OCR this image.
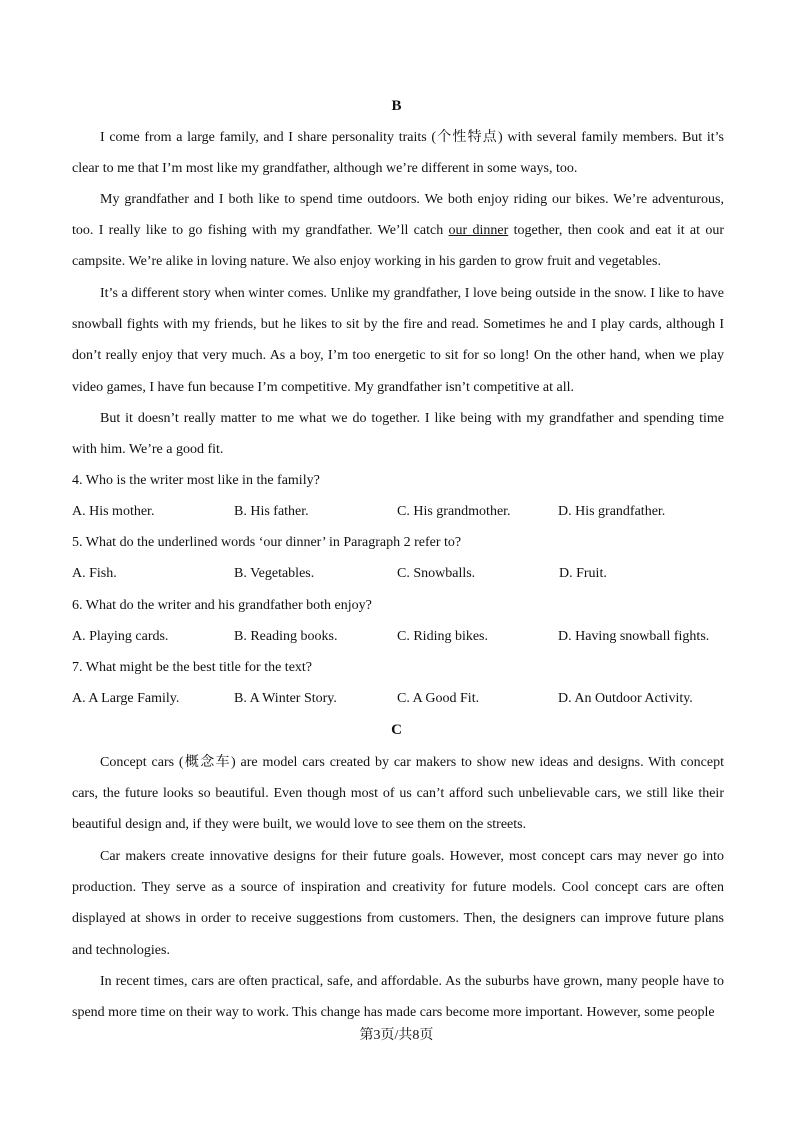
B

I come from a large family, and I share personality traits (个性特点) with several family members. But it’s clear to me that I’m most like my grandfather, although we’re different in some ways, too.

My grandfather and I both like to spend time outdoors. We both enjoy riding our bikes. We’re adventurous, too. I really like to go fishing with my grandfather. We’ll catch our dinner together, then cook and eat it at our campsite. We’re alike in loving nature. We also enjoy working in his garden to grow fruit and vegetables.

It’s a different story when winter comes. Unlike my grandfather, I love being outside in the snow. I like to have snowball fights with my friends, but he likes to sit by the fire and read. Sometimes he and I play cards, although I don’t really enjoy that very much. As a boy, I’m too energetic to sit for so long! On the other hand, when we play video games, I have fun because I’m competitive. My grandfather isn’t competitive at all.

But it doesn’t really matter to me what we do together. I like being with my grandfather and spending time with him. We’re a good fit.

4. Who is the writer most like in the family?
A. His mother.	B. His father.	C. His grandmother.	D. His grandfather.
5. What do the underlined words ‘our dinner’ in Paragraph 2 refer to?
A. Fish.	B. Vegetables.	C. Snowballs.	D. Fruit.
6. What do the writer and his grandfather both enjoy?
A. Playing cards.	B. Reading books.	C. Riding bikes.	D. Having snowball fights.
7. What might be the best title for the text?
A. A Large Family.	B. A Winter Story.	C. A Good Fit.	D. An Outdoor Activity.
C

Concept cars (概念车) are model cars created by car makers to show new ideas and designs. With concept cars, the future looks so beautiful. Even though most of us can’t afford such unbelievable cars, we still like their beautiful design and, if they were built, we would love to see them on the streets.

Car makers create innovative designs for their future goals. However, most concept cars may never go into production. They serve as a source of inspiration and creativity for future models. Cool concept cars are often displayed at shows in order to receive suggestions from customers. Then, the designers can improve future plans and technologies.

In recent times, cars are often practical, safe, and affordable. As the suburbs have grown, many people have to spend more time on their way to work. This change has made cars become more important. However, some people

第3页/共8页
